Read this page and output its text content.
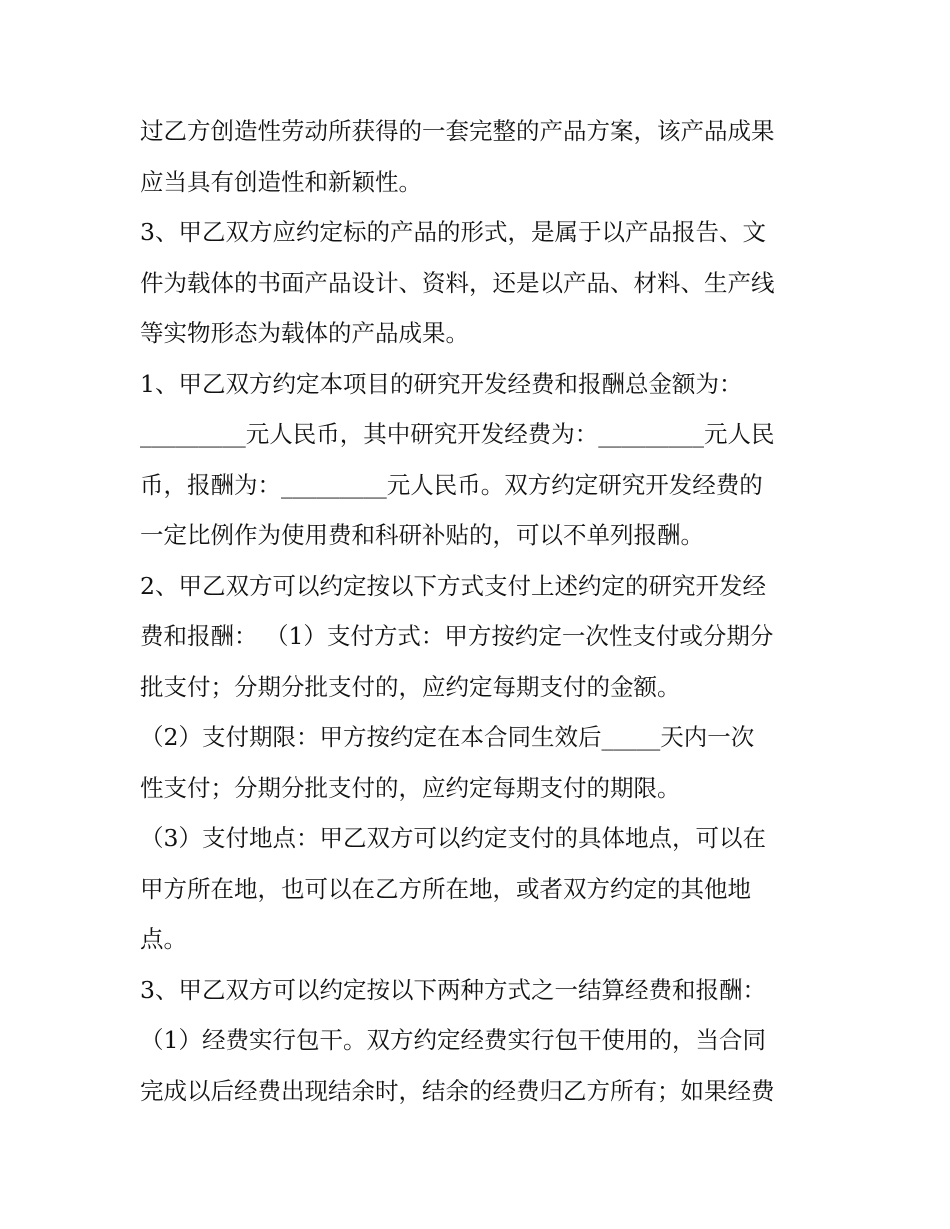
过乙方创造性劳动所获得的一套完整的产品方案，该产品成果
应当具有创造性和新颖性。
3、甲乙双方应约定标的产品的形式，是属于以产品报告、文
件为载体的书面产品设计、资料，还是以产品、材料、生产线
等实物形态为载体的产品成果。
1、甲乙双方约定本项目的研究开发经费和报酬总金额为：
_________元人民币，其中研究开发经费为：_________元人民
币，报酬为：_________元人民币。双方约定研究开发经费的
一定比例作为使用费和科研补贴的，可以不单列报酬。
2、甲乙双方可以约定按以下方式支付上述约定的研究开发经
费和报酬： （1）支付方式：甲方按约定一次性支付或分期分
批支付；分期分批支付的，应约定每期支付的金额。
（2）支付期限：甲方按约定在本合同生效后_____天内一次
性支付；分期分批支付的，应约定每期支付的期限。
（3）支付地点：甲乙双方可以约定支付的具体地点，可以在
甲方所在地，也可以在乙方所在地，或者双方约定的其他地
点。
3、甲乙双方可以约定按以下两种方式之一结算经费和报酬：
（1）经费实行包干。双方约定经费实行包干使用的，当合同
完成以后经费出现结余时，结余的经费归乙方所有；如果经费
